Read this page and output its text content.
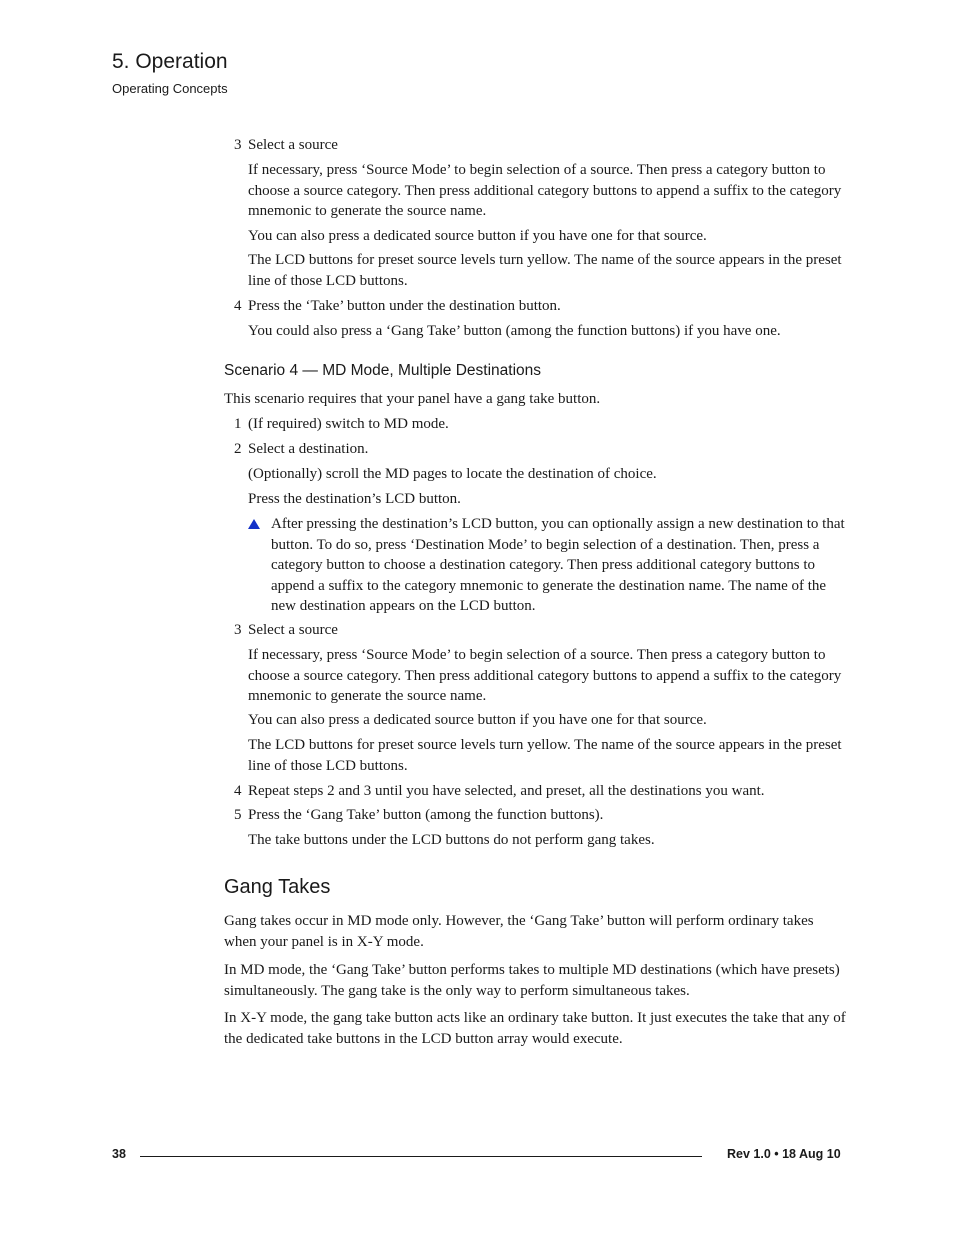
5. Operation
Operating Concepts
3 Select a source

If necessary, press ‘Source Mode’ to begin selection of a source. Then press a category button to choose a source category. Then press additional category buttons to append a suffix to the category mnemonic to generate the source name.

You can also press a dedicated source button if you have one for that source.

The LCD buttons for preset source levels turn yellow. The name of the source appears in the preset line of those LCD buttons.

4 Press the ‘Take’ button under the destination button.

You could also press a ‘Gang Take’ button (among the function buttons) if you have one.

Scenario 4 — MD Mode, Multiple Destinations

This scenario requires that your panel have a gang take button.

1 (If required) switch to MD mode.

2 Select a destination.

(Optionally) scroll the MD pages to locate the destination of choice.

Press the destination’s LCD button.

After pressing the destination’s LCD button, you can optionally assign a new destination to that button. To do so, press ‘Destination Mode’ to begin selection of a destination. Then, press a category button to choose a destination category. Then press additional category buttons to append a suffix to the category mnemonic to generate the destination name. The name of the new destination appears on the LCD button.

3 Select a source

If necessary, press ‘Source Mode’ to begin selection of a source. Then press a category button to choose a source category. Then press additional category buttons to append a suffix to the category mnemonic to generate the source name.

You can also press a dedicated source button if you have one for that source.

The LCD buttons for preset source levels turn yellow. The name of the source appears in the preset line of those LCD buttons.

4 Repeat steps 2 and 3 until you have selected, and preset, all the destinations you want.

5 Press the ‘Gang Take’ button (among the function buttons).

The take buttons under the LCD buttons do not perform gang takes.

Gang Takes

Gang takes occur in MD mode only. However, the ‘Gang Take’ button will perform ordinary takes when your panel is in X-Y mode.

In MD mode, the ‘Gang Take’ button performs takes to multiple MD destinations (which have presets) simultaneously. The gang take is the only way to perform simultaneous takes.

In X-Y mode, the gang take button acts like an ordinary take button. It just executes the take that any of the dedicated take buttons in the LCD button array would execute.

38	Rev 1.0 • 18 Aug 10
